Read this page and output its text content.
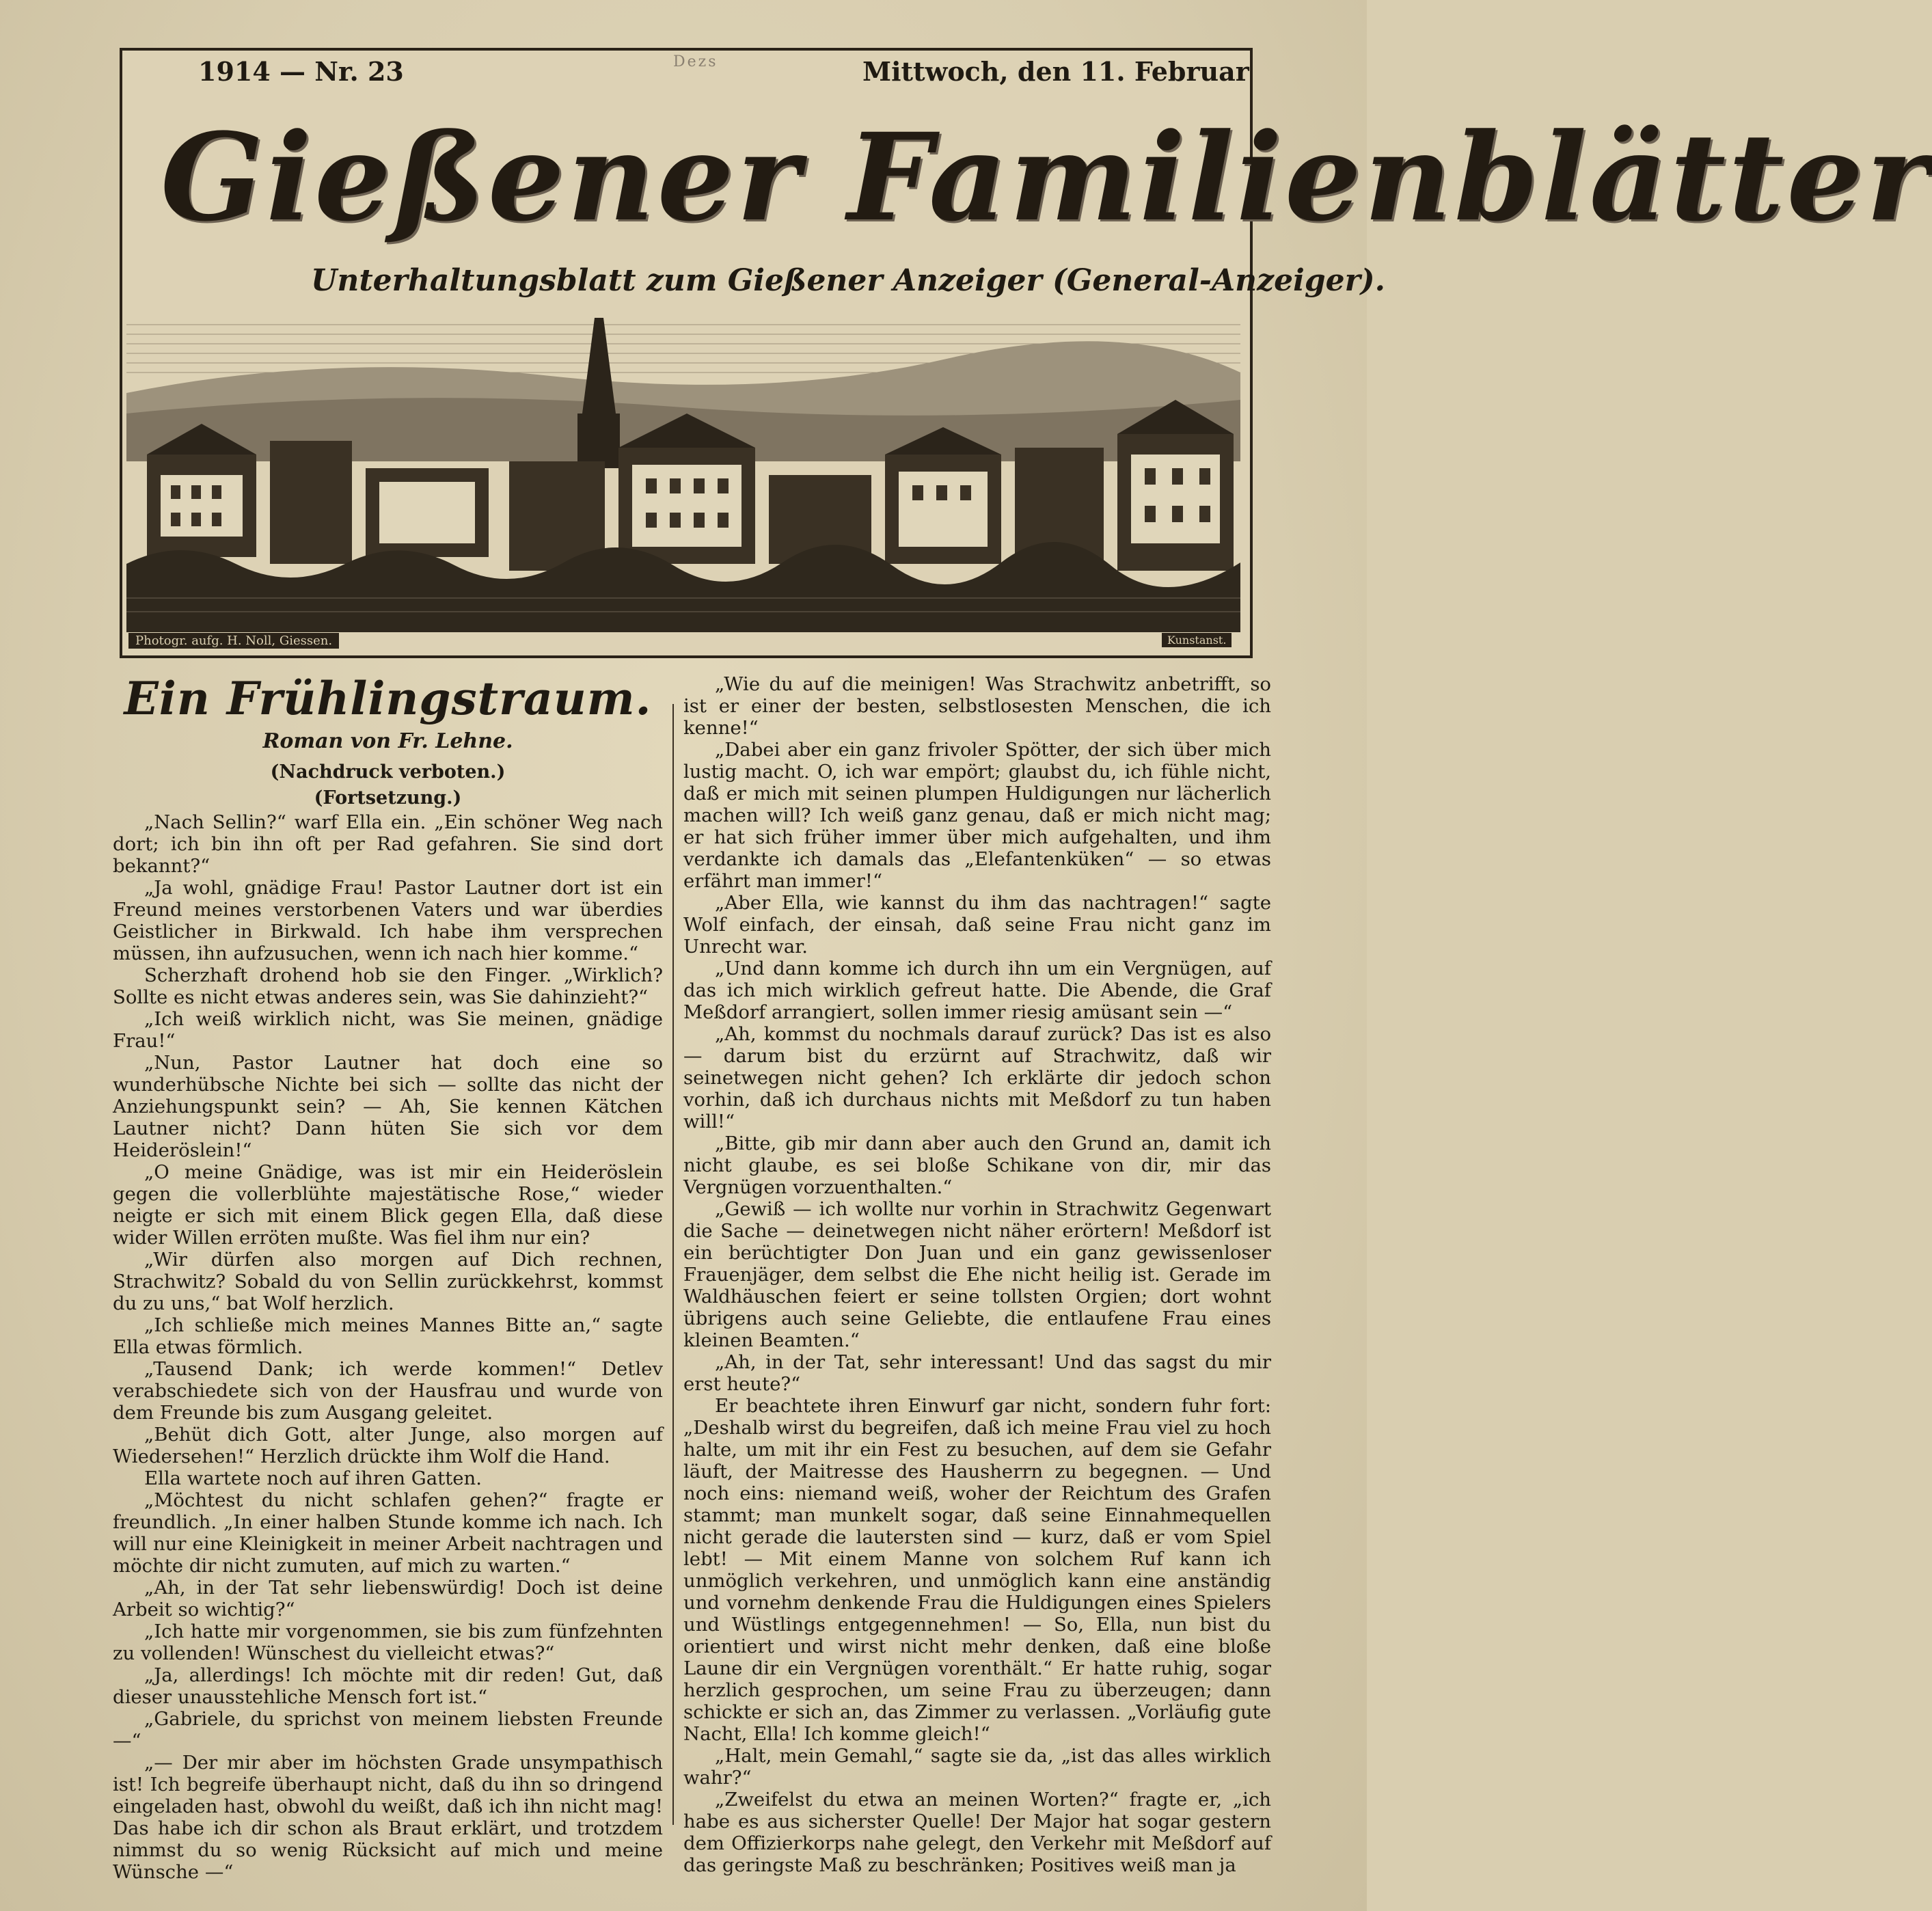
1914 — Nr. 23	Dezs	Mittwoch, den 11. Februar
Gießener Familienblätter
Unterhaltungsblatt zum Gießener Anzeiger (General-Anzeiger).
Photogr. aufg. H. Noll, Giessen.	Kunstanst.
Ein Frühlingstraum.
Roman von Fr. Lehne.
(Nachdruck verboten.)
(Fortsetzung.)

„Nach Sellin?“ warf Ella ein. „Ein schöner Weg nach dort; ich bin ihn oft per Rad gefahren. Sie sind dort bekannt?“

„Ja wohl, gnädige Frau! Pastor Lautner dort ist ein Freund meines verstorbenen Vaters und war überdies Geistlicher in Birkwald. Ich habe ihm versprechen müssen, ihn aufzusuchen, wenn ich nach hier komme.“

Scherzhaft drohend hob sie den Finger. „Wirklich? Sollte es nicht etwas anderes sein, was Sie dahinzieht?“

„Ich weiß wirklich nicht, was Sie meinen, gnädige Frau!“

„Nun, Pastor Lautner hat doch eine so wunderhübsche Nichte bei sich — sollte das nicht der Anziehungspunkt sein? — Ah, Sie kennen Kätchen Lautner nicht? Dann hüten Sie sich vor dem Heideröslein!“

„O meine Gnädige, was ist mir ein Heideröslein gegen die vollerblühte majestätische Rose,“ wieder neigte er sich mit einem Blick gegen Ella, daß diese wider Willen erröten mußte. Was fiel ihm nur ein?

„Wir dürfen also morgen auf Dich rechnen, Strachwitz? Sobald du von Sellin zurückkehrst, kommst du zu uns,“ bat Wolf herzlich.

„Ich schließe mich meines Mannes Bitte an,“ sagte Ella etwas förmlich.

„Tausend Dank; ich werde kommen!“ Detlev verabschiedete sich von der Hausfrau und wurde von dem Freunde bis zum Ausgang geleitet.

„Behüt dich Gott, alter Junge, also morgen auf Wiedersehen!“ Herzlich drückte ihm Wolf die Hand.

Ella wartete noch auf ihren Gatten.

„Möchtest du nicht schlafen gehen?“ fragte er freundlich. „In einer halben Stunde komme ich nach. Ich will nur eine Kleinigkeit in meiner Arbeit nachtragen und möchte dir nicht zumuten, auf mich zu warten.“

„Ah, in der Tat sehr liebenswürdig! Doch ist deine Arbeit so wichtig?“

„Ich hatte mir vorgenommen, sie bis zum fünfzehnten zu vollenden! Wünschest du vielleicht etwas?“

„Ja, allerdings! Ich möchte mit dir reden! Gut, daß dieser unausstehliche Mensch fort ist.“

„Gabriele, du sprichst von meinem liebsten Freunde —“

„— Der mir aber im höchsten Grade unsympathisch ist! Ich begreife überhaupt nicht, daß du ihn so dringend eingeladen hast, obwohl du weißt, daß ich ihn nicht mag! Das habe ich dir schon als Braut erklärt, und trotzdem nimmst du so wenig Rücksicht auf mich und meine Wünsche —“

„Wie du auf die meinigen! Was Strachwitz anbetrifft, so ist er einer der besten, selbstlosesten Menschen, die ich kenne!“

„Dabei aber ein ganz frivoler Spötter, der sich über mich lustig macht. O, ich war empört; glaubst du, ich fühle nicht, daß er mich mit seinen plumpen Huldigungen nur lächerlich machen will? Ich weiß ganz genau, daß er mich nicht mag; er hat sich früher immer über mich aufgehalten, und ihm verdankte ich damals das „Elefantenküken“ — so etwas erfährt man immer!“

„Aber Ella, wie kannst du ihm das nachtragen!“ sagte Wolf einfach, der einsah, daß seine Frau nicht ganz im Unrecht war.

„Und dann komme ich durch ihn um ein Vergnügen, auf das ich mich wirklich gefreut hatte. Die Abende, die Graf Meßdorf arrangiert, sollen immer riesig amüsant sein —“

„Ah, kommst du nochmals darauf zurück? Das ist es also — darum bist du erzürnt auf Strachwitz, daß wir seinetwegen nicht gehen? Ich erklärte dir jedoch schon vorhin, daß ich durchaus nichts mit Meßdorf zu tun haben will!“

„Bitte, gib mir dann aber auch den Grund an, damit ich nicht glaube, es sei bloße Schikane von dir, mir das Vergnügen vorzuenthalten.“

„Gewiß — ich wollte nur vorhin in Strachwitz Gegenwart die Sache — deinetwegen nicht näher erörtern! Meßdorf ist ein berüchtigter Don Juan und ein ganz gewissenloser Frauenjäger, dem selbst die Ehe nicht heilig ist. Gerade im Waldhäuschen feiert er seine tollsten Orgien; dort wohnt übrigens auch seine Geliebte, die entlaufene Frau eines kleinen Beamten.“

„Ah, in der Tat, sehr interessant! Und das sagst du mir erst heute?“

Er beachtete ihren Einwurf gar nicht, sondern fuhr fort: „Deshalb wirst du begreifen, daß ich meine Frau viel zu hoch halte, um mit ihr ein Fest zu besuchen, auf dem sie Gefahr läuft, der Maitresse des Hausherrn zu begegnen. — Und noch eins: niemand weiß, woher der Reichtum des Grafen stammt; man munkelt sogar, daß seine Einnahmequellen nicht gerade die lautersten sind — kurz, daß er vom Spiel lebt! — Mit einem Manne von solchem Ruf kann ich unmöglich verkehren, und unmöglich kann eine anständig und vornehm denkende Frau die Huldigungen eines Spielers und Wüstlings entgegennehmen! — So, Ella, nun bist du orientiert und wirst nicht mehr denken, daß eine bloße Laune dir ein Vergnügen vorenthält.“ Er hatte ruhig, sogar herzlich gesprochen, um seine Frau zu überzeugen; dann schickte er sich an, das Zimmer zu verlassen. „Vorläufig gute Nacht, Ella! Ich komme gleich!“

„Halt, mein Gemahl,“ sagte sie da, „ist das alles wirklich wahr?“

„Zweifelst du etwa an meinen Worten?“ fragte er, „ich habe es aus sicherster Quelle! Der Major hat sogar gestern dem Offizierkorps nahe gelegt, den Verkehr mit Meßdorf auf das geringste Maß zu beschränken; Positives weiß man ja
